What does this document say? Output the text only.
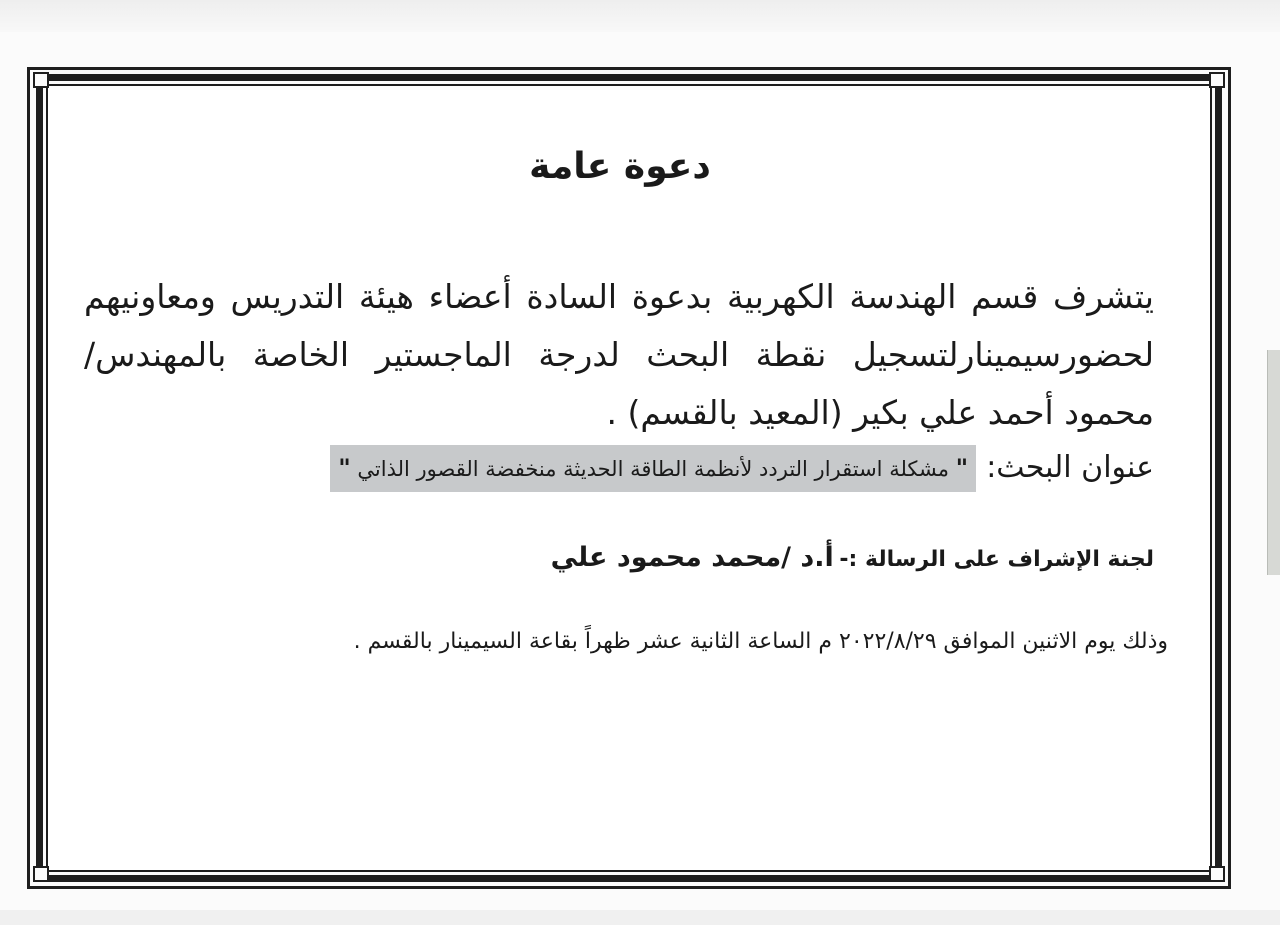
دعوة عامة

يتشرف قسم الهندسة الكهربية بدعوة السادة أعضاء هيئة التدريس ومعاونيهم لحضورسيمينارلتسجيل نقطة البحث لدرجة الماجستير الخاصة بالمهندس/ محمود أحمد علي بكير (المعيد بالقسم) .

عنوان البحث:" مشكلة استقرار التردد لأنظمة الطاقة الحديثة منخفضة القصور الذاتي "
لجنة الإشراف على الرسالة :- أ.د /محمد محمود علي
وذلك يوم الاثنين الموافق ٢٠٢٢/٨/٢٩ م الساعة الثانية عشر ظهراً بقاعة السيمينار بالقسم .
